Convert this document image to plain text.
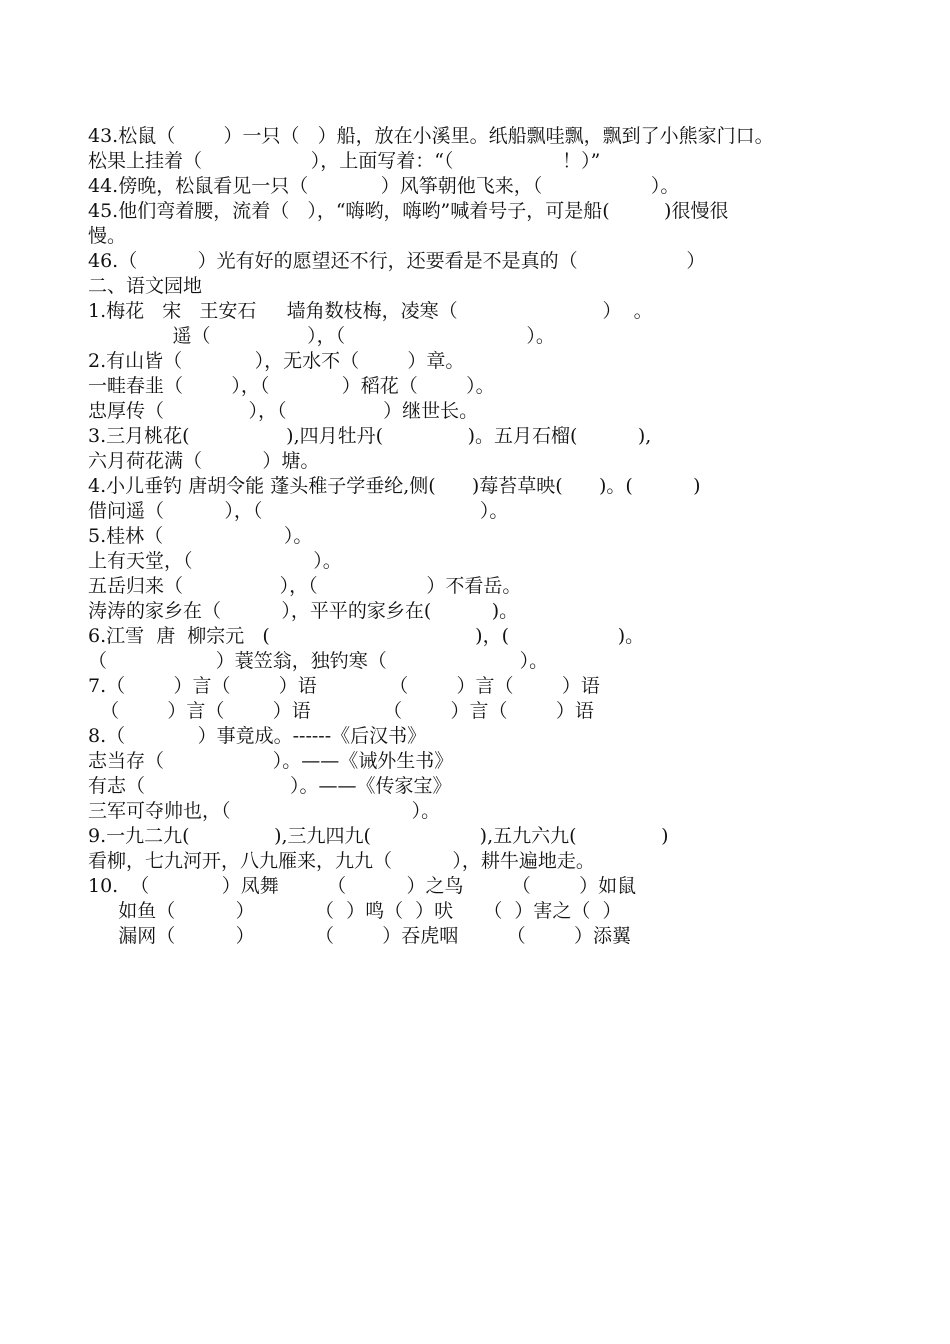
43.松鼠（        ）一只（   ）船，放在小溪里。纸船飘哇飘，飘到了小熊家门口。
松果上挂着（                  ），上面写着：“（                  ！）”
44.傍晚，松鼠看见一只（            ）风筝朝他飞来，（                  ）。
45.他们弯着腰，流着（   ），“嗨哟，嗨哟”喊着号子，可是船(         )很慢很
慢。
46.（          ）光有好的愿望还不行，还要看是不是真的（                  ）
二、语文园地
1.梅花   宋   王安石     墙角数枝梅，凌寒（                        ）  。
遥（                ），（                              ）。
2.有山皆（            ），无水不（        ）章。
一畦春韭（        ），（            ）稻花（        ）。
忠厚传（              ），（                ）继世长。
3.三月桃花(                ),四月牡丹(              )。五月石榴(          ),
六月荷花满（          ）塘。
4.小儿垂钓 唐胡令能 蓬头稚子学垂纶,侧(      )莓苔草映(      )。(          )
借问遥（          ），（                                    ）。
5.桂林（                    ）。
上有天堂，（                    ）。
五岳归来（                ），（                  ）不看岳。
涛涛的家乡在（          ），平平的家乡在(          )。
6.江雪  唐  柳宗元   (                                  )，(                  )。
（                  ）蓑笠翁，独钓寒（                      ）。
7.（        ）言（        ）语            （        ）言（        ）语
（        ）言（        ）语            （        ）言（        ）语
8.（            ）事竟成。------《后汉书》
志当存（                  ）。——《诫外生书》
有志（                        ）。——《传家宝》
三军可夺帅也，（                              ）。
9.一九二九(              ),三九四九(                  ),五九六九(              )
看柳，七九河开，八九雁来，九九（          ），耕牛遍地走。
10.  （            ）凤舞        （          ）之鸟        （        ）如鼠
如鱼（          ）          （  ）鸣（  ）吠     （  ）害之（  ）
漏网（          ）          （        ）吞虎咽        （        ）添翼
